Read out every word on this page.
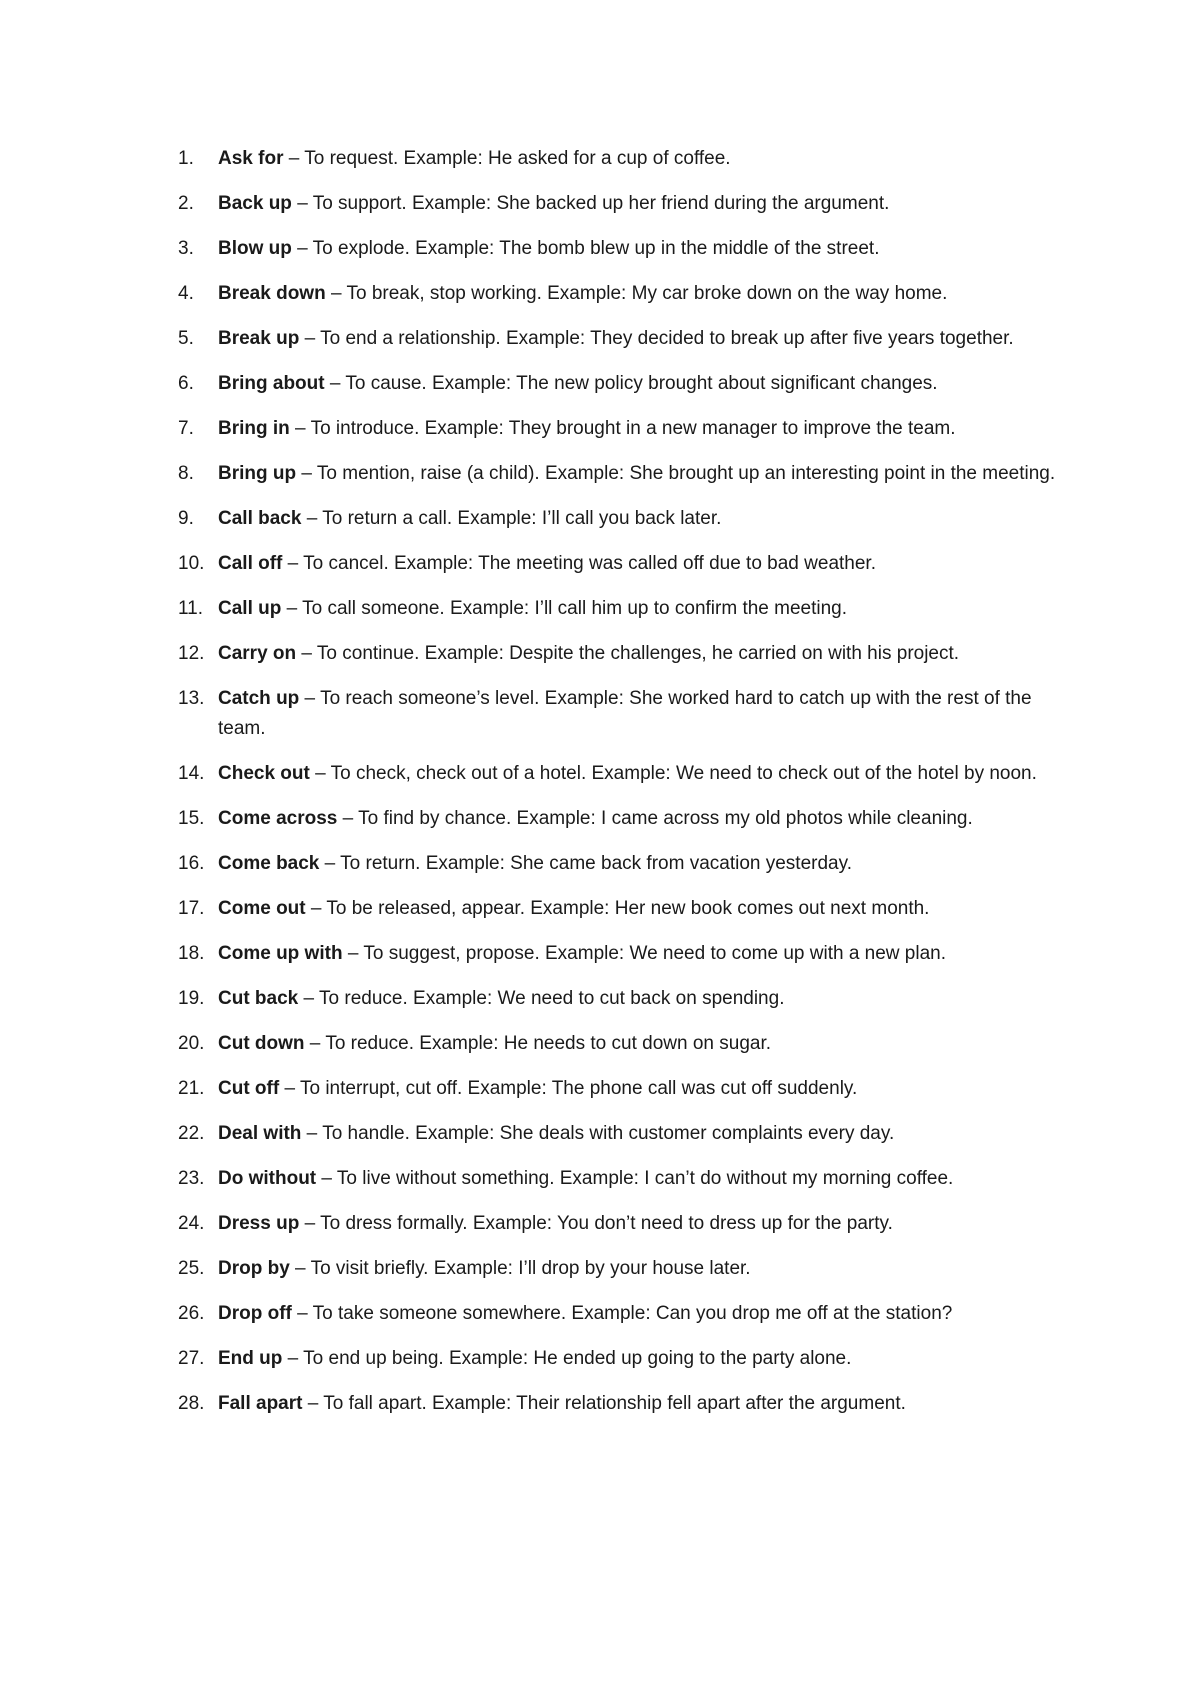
1.	Ask for – To request. Example: He asked for a cup of coffee.
2.	Back up – To support. Example: She backed up her friend during the argument.
3.	Blow up – To explode. Example: The bomb blew up in the middle of the street.
4.	Break down – To break, stop working. Example: My car broke down on the way home.
5.	Break up – To end a relationship. Example: They decided to break up after five years together.
6.	Bring about – To cause. Example: The new policy brought about significant changes.
7.	Bring in – To introduce. Example: They brought in a new manager to improve the team.
8.	Bring up – To mention, raise (a child). Example: She brought up an interesting point in the meeting.
9.	Call back – To return a call. Example: I’ll call you back later.
10. Call off – To cancel. Example: The meeting was called off due to bad weather.
11. Call up – To call someone. Example: I’ll call him up to confirm the meeting.
12. Carry on – To continue. Example: Despite the challenges, he carried on with his project.
13. Catch up – To reach someone’s level. Example: She worked hard to catch up with the rest of the team.
14. Check out – To check, check out of a hotel. Example: We need to check out of the hotel by noon.
15. Come across – To find by chance. Example: I came across my old photos while cleaning.
16. Come back – To return. Example: She came back from vacation yesterday.
17. Come out – To be released, appear. Example: Her new book comes out next month.
18. Come up with – To suggest, propose. Example: We need to come up with a new plan.
19. Cut back – To reduce. Example: We need to cut back on spending.
20. Cut down – To reduce. Example: He needs to cut down on sugar.
21. Cut off – To interrupt, cut off. Example: The phone call was cut off suddenly.
22. Deal with – To handle. Example: She deals with customer complaints every day.
23. Do without – To live without something. Example: I can’t do without my morning coffee.
24. Dress up – To dress formally. Example: You don’t need to dress up for the party.
25. Drop by – To visit briefly. Example: I’ll drop by your house later.
26. Drop off – To take someone somewhere. Example: Can you drop me off at the station?
27. End up – To end up being. Example: He ended up going to the party alone.
28. Fall apart – To fall apart. Example: Their relationship fell apart after the argument.
